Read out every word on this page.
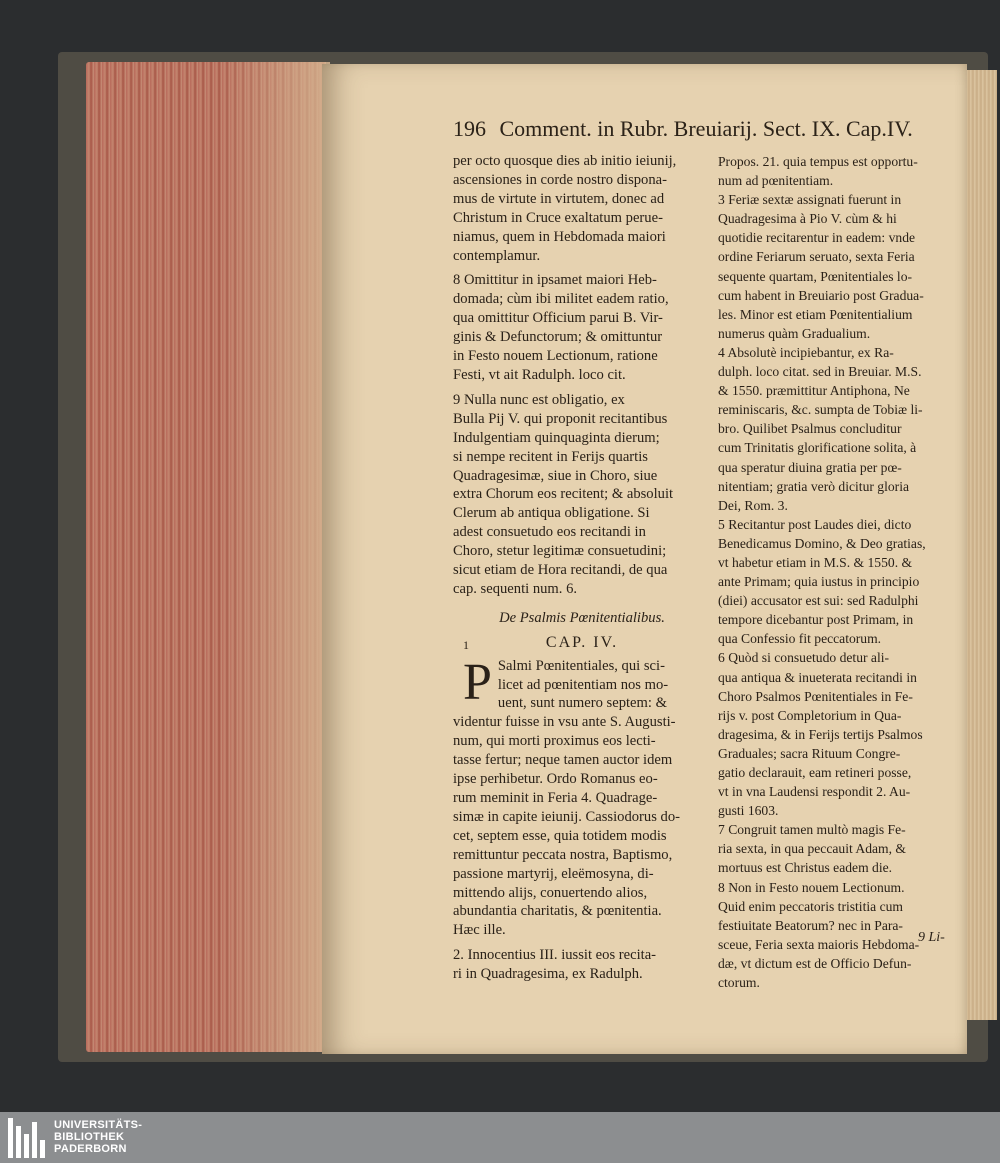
196 Comment. in Rubr. Breuiarij. Sect. IX. Cap.IV.

per octo quosque dies ab initio ieiunij,
ascensiones in corde nostro dispona-
mus de virtute in virtutem, donec ad
Christum in Cruce exaltatum perue-
niamus, quem in Hebdomada maiori
contemplamur.

8 Omittitur in ipsamet maiori Heb-
domada; cùm ibi militet eadem ratio,
qua omittitur Officium parui B. Vir-
ginis & Defunctorum; & omittuntur
in Festo nouem Lectionum, ratione
Festi, vt ait Radulph. loco cit.

9 Nulla nunc est obligatio, ex
Bulla Pij V. qui proponit recitantibus
Indulgentiam quinquaginta dierum;
si nempe recitent in Ferijs quartis
Quadragesimæ, siue in Choro, siue
extra Chorum eos recitent; & absoluit
Clerum ab antiqua obligatione. Si
adest consuetudo eos recitandi in
Choro, stetur legitimæ consuetudini;
sicut etiam de Hora recitandi, de qua
cap. sequenti num. 6.

De Psalmis Pœnitentialibus.
CAP. IV.

P Salmi Pœnitentiales, qui sci-
licet ad pœnitentiam nos mo-
uent, sunt numero septem: &
videntur fuisse in vsu ante S. Augusti-
num, qui morti proximus eos lecti-
tasse fertur; neque tamen auctor idem
ipse perhibetur. Ordo Romanus eo-
rum meminit in Feria 4. Quadrage-
simæ in capite ieiunij. Cassiodorus do-
cet, septem esse, quia totidem modis
remittuntur peccata nostra, Baptismo,
passione martyrij, eleëmosyna, di-
mittendo alijs, conuertendo alios,
abundantia charitatis, & pœnitentia.
Hæc ille.

2. Innocentius III. iussit eos recita-
ri in Quadragesima, ex Radulph.

1

Propos. 21. quia tempus est opportu-
num ad pœnitentiam.

3 Feriæ sextæ assignati fuerunt in
Quadragesima à Pio V. cùm & hi
quotidie recitarentur in eadem: vnde
ordine Feriarum seruato, sexta Feria
sequente quartam, Pœnitentiales lo-
cum habent in Breuiario post Gradua-
les. Minor est etiam Pœnitentialium
numerus quàm Gradualium.

4 Absolutè incipiebantur, ex Ra-
dulph. loco citat. sed in Breuiar. M.S.
& 1550. præmittitur Antiphona, Ne
reminiscaris, &c. sumpta de Tobiæ li-
bro. Quilibet Psalmus concluditur
cum Trinitatis glorificatione solita, à
qua speratur diuina gratia per pœ-
nitentiam; gratia verò dicitur gloria
Dei, Rom. 3.

5 Recitantur post Laudes diei, dicto
Benedicamus Domino, & Deo gratias,
vt habetur etiam in M.S. & 1550. &
ante Primam; quia iustus in principio
(diei) accusator est sui: sed Radulphi
tempore dicebantur post Primam, in
qua Confessio fit peccatorum.

6 Quòd si consuetudo detur ali-
qua antiqua & inueterata recitandi in
Choro Psalmos Pœnitentiales in Fe-
rijs v. post Completorium in Qua-
dragesima, & in Ferijs tertijs Psalmos
Graduales; sacra Rituum Congre-
gatio declarauit, eam retineri posse,
vt in vna Laudensi respondit 2. Au-
gusti 1603.

7 Congruit tamen multò magis Fe-
ria sexta, in qua peccauit Adam, &
mortuus est Christus eadem die.

8 Non in Festo nouem Lectionum.
Quid enim peccatoris tristitia cum
festiuitate Beatorum? nec in Para-
sceue, Feria sexta maioris Hebdoma-
dæ, vt dictum est de Officio Defun-
ctorum.

9 Li-
UNIVERSITÄTS-
BIBLIOTHEK
PADERBORN
